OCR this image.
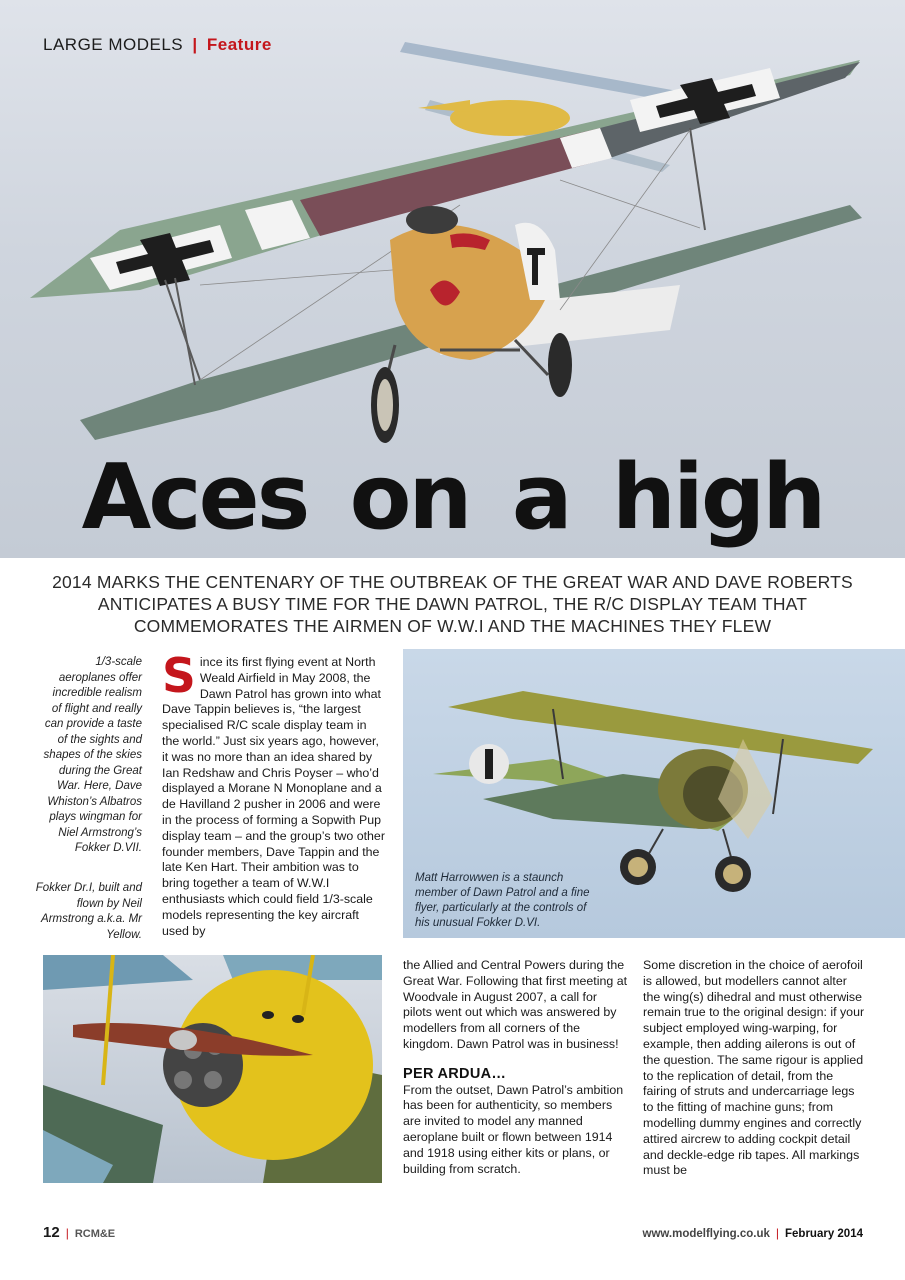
LARGE MODELS | Feature
Aces on a high
2014 MARKS THE CENTENARY OF THE OUTBREAK OF THE GREAT WAR AND DAVE ROBERTS ANTICIPATES A BUSY TIME FOR THE DAWN PATROL, THE R/C DISPLAY TEAM THAT COMMEMORATES THE AIRMEN OF W.W.I AND THE MACHINES THEY FLEW
1/3-scale aeroplanes offer incredible realism of flight and really can provide a taste of the sights and shapes of the skies during the Great War. Here, Dave Whiston’s Albatros plays wingman for Niel Armstrong’s Fokker D.VII.
Fokker Dr.I, built and flown by Neil Armstrong a.k.a. Mr Yellow.
Since its first flying event at North Weald Airfield in May 2008, the Dawn Patrol has grown into what Dave Tappin believes is, “the largest specialised R/C scale display team in the world.” Just six years ago, however, it was no more than an idea shared by Ian Redshaw and Chris Poyser – who’d displayed a Morane N Monoplane and a de Havilland 2 pusher in 2006 and were in the process of forming a Sopwith Pup display team – and the group’s two other founder members, Dave Tappin and the late Ken Hart. Their ambition was to bring together a team of W.W.I enthusiasts which could field 1/3-scale models representing the key aircraft used by
Matt Harrowwen is a staunch member of Dawn Patrol and a fine flyer, particularly at the controls of his unusual Fokker D.VI.
the Allied and Central Powers during the Great War. Following that first meeting at Woodvale in August 2007, a call for pilots went out which was answered by modellers from all corners of the kingdom. Dawn Patrol was in business!
PER ARDUA…
From the outset, Dawn Patrol’s ambition has been for authenticity, so members are invited to model any manned aeroplane built or flown between 1914 and 1918 using either kits or plans, or building from scratch.
Some discretion in the choice of aerofoil is allowed, but modellers cannot alter the wing(s) dihedral and must otherwise remain true to the original design: if your subject employed wing-warping, for example, then adding ailerons is out of the question. The same rigour is applied to the replication of detail, from the fairing of struts and undercarriage legs to the fitting of machine guns; from modelling dummy engines and correctly attired aircrew to adding cockpit detail and deckle-edge rib tapes. All markings must be
12 | RCM&E	www.modelflying.co.uk | February 2014
